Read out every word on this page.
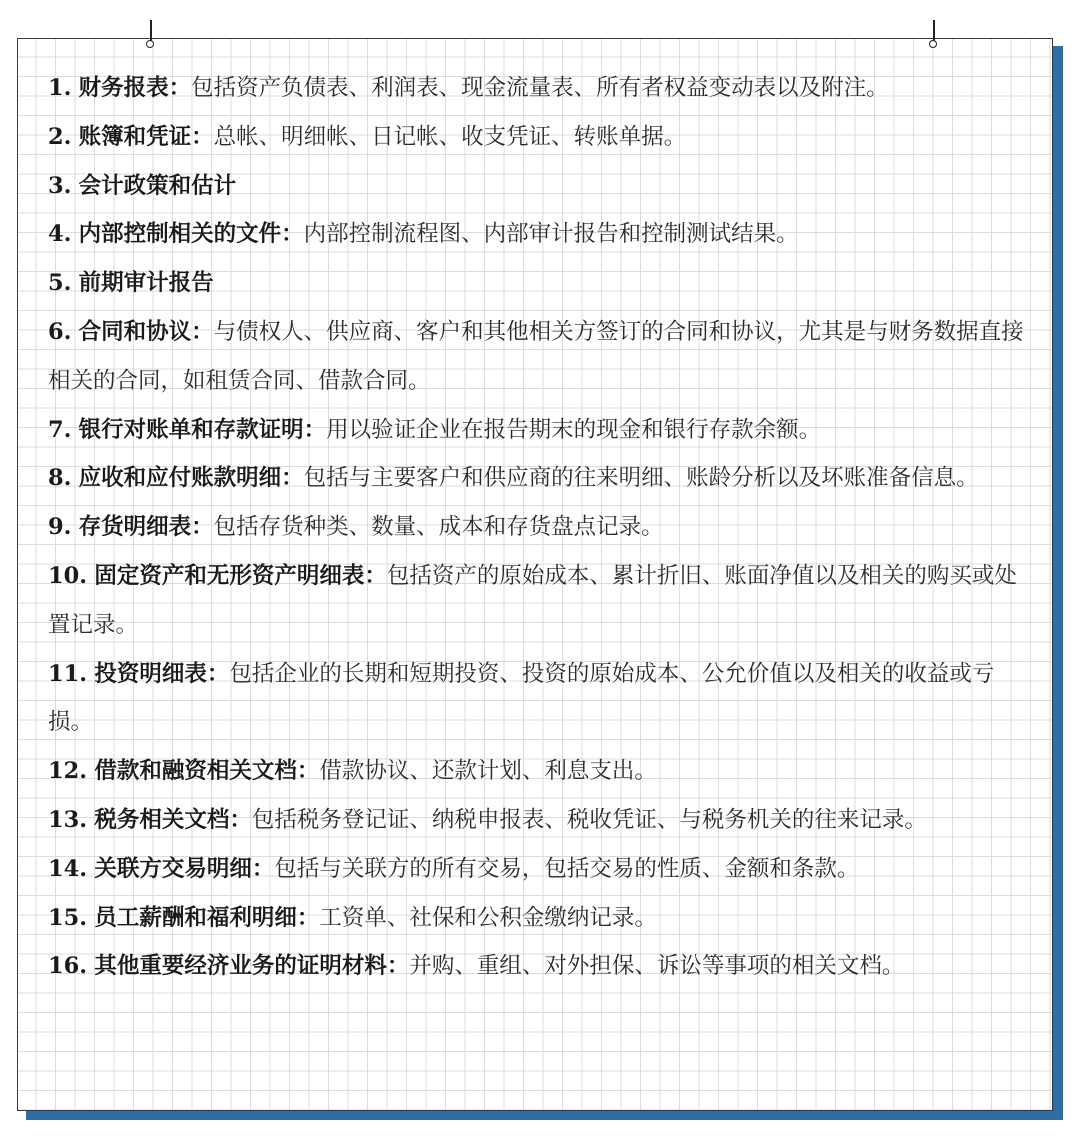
1. 财务报表：包括资产负债表、利润表、现金流量表、所有者权益变动表以及附注。

2. 账簿和凭证：总帐、明细帐、日记帐、收支凭证、转账单据。

3. 会计政策和估计

4. 内部控制相关的文件：内部控制流程图、内部审计报告和控制测试结果。

5. 前期审计报告

6. 合同和协议：与债权人、供应商、客户和其他相关方签订的合同和协议，尤其是与财务数据直接相关的合同，如租赁合同、借款合同。

7. 银行对账单和存款证明：用以验证企业在报告期末的现金和银行存款余额。

8. 应收和应付账款明细：包括与主要客户和供应商的往来明细、账龄分析以及坏账准备信息。

9. 存货明细表：包括存货种类、数量、成本和存货盘点记录。

10. 固定资产和无形资产明细表：包括资产的原始成本、累计折旧、账面净值以及相关的购买或处置记录。

11. 投资明细表：包括企业的长期和短期投资、投资的原始成本、公允价值以及相关的收益或亏损。

12. 借款和融资相关文档：借款协议、还款计划、利息支出。

13. 税务相关文档：包括税务登记证、纳税申报表、税收凭证、与税务机关的往来记录。

14. 关联方交易明细：包括与关联方的所有交易，包括交易的性质、金额和条款。

15. 员工薪酬和福利明细：工资单、社保和公积金缴纳记录。

16. 其他重要经济业务的证明材料：并购、重组、对外担保、诉讼等事项的相关文档。
